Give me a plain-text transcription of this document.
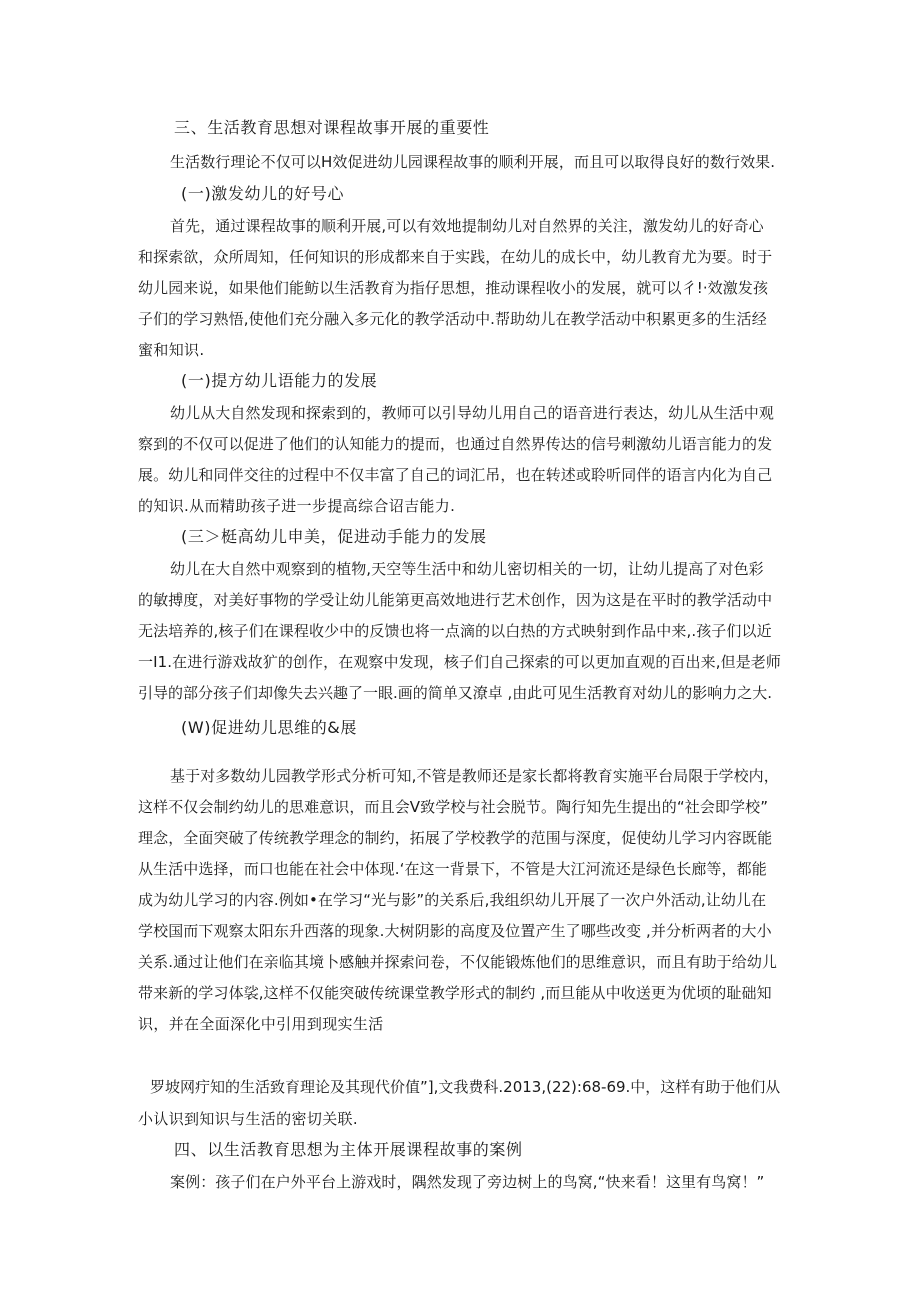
三、生活教育思想对课程故事开展的重要性

生活数行理论不仅可以H效促进幼儿园课程故事的顺利开展，而且可以取得良好的数行效果.

(一)激发幼儿的好号心

首先，通过课程故事的顺利开展,可以有效地提制幼儿对自然界的关注，激发幼儿的好奇心

和探索欲，众所周知，任何知识的形成都来自于实践，在幼儿的成长中，幼儿教育尤为要。时于

幼儿园来说，如果他们能鲂以生活教育为指仔思想，推动课程收小的发展，就可以彳!·效激发孩

子们的学习熟悟,使他们充分融入多元化的教学活动中.帮助幼儿在教学活动中积累更多的生活经

蜜和知识.

(一)提方幼儿语能力的发展

幼儿从大自然发现和探索到的，教师可以引导幼儿用自己的语音进行表达，幼儿从生活中观

察到的不仅可以促进了他们的认知能力的提而，也通过自然界传达的信号刺激幼儿语言能力的发

展。幼儿和同伴交往的过程中不仅丰富了自己的词汇吊，也在转述或聆听同伴的语言内化为自己

的知识.从而精助孩子进一步提高综合诏吉能力.

(三＞梃高幼儿申美，促进动手能力的发展

幼儿在大自然中观察到的植物,天空等生活中和幼儿密切相关的一切，让幼儿提高了对色彩

的敏搏度，对美好事物的学受让幼儿能第更高效地进行艺术创作，因为这是在平时的教学活动中

无法培养的,核子们在课程收少中的反馈也将一点滴的以白热的方式映射到作品中来,.孩子们以近

一I1.在进行游戏故犷的创作，在观察中发现，核子们自己探索的可以更加直观的百出来,但是老师

引导的部分孩子们却像失去兴趣了一眼.画的简单又潦卓 ,由此可见生活教育对幼儿的影响力之大.

(W)促进幼儿思维的&展

基于对多数幼儿园教学形式分析可知,不管是教师还是家长都将教育实施平台局限于学校内，

这样不仅会制约幼儿的思难意识，而且会V致学校与社会脱节。陶行知先生提出的“社会即学校”

理念，全面突破了传统教学理念的制约，拓展了学校教学的范围与深度，促使幼儿学习内容既能

从生活中选择，而口也能在社会中体现.‘在这一背景下，不管是大江河流还是绿色长廊等，都能

成为幼儿学习的内容.例如•在学习“光与影”的关系后,我组织幼儿开展了一次户外活动,让幼儿在

学校国而下观察太阳东升西落的现象.大树阴影的高度及位置产生了哪些改变 ,并分析两者的大小

关系.通过让他们在亲临其境卜感触并探索问卷，不仅能锻炼他们的思维意识，而且有助于给幼儿

带来新的学习体裟,这样不仅能突破传统课堂教学形式的制约 ,而旦能从中收送更为优顷的耻础知

识，并在全面深化中引用到现实生活

罗坡网疔知的生活致育理论及其现代价值”],文我费科.2013,(22):68-69.中，这样有助于他们从

小认识到知识与生活的密切关联.

四、以生活教育思想为主体开展课程故事的案例

案例：孩子们在户外平台上游戏时，隅然发现了旁边树上的鸟窝,“快来看！这里有鸟窝！”
